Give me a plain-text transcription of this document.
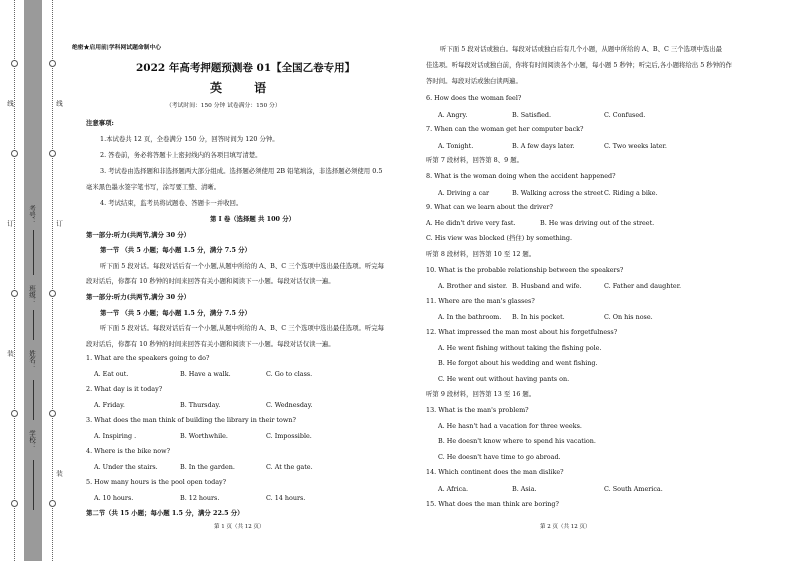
线
订
装
线
订
装
学校：
姓名：
班级：
考号：
绝密★启用前|学科网试题命制中心
2022 年高考押题预测卷 01【全国乙卷专用】
英 语
（考试时间：150 分钟 试卷满分：150 分）
注意事项:
1.本试卷共 12 页，全卷满分 150 分，回答时间为 120 分钟。
2. 答卷前，务必将答题卡上密封线内的各项目填写清楚。
3. 考试卷由选择题和非选择题两大部分组成。选择题必须使用 2B 铅笔填涂，非选择题必须使用 0.5
毫米黑色墨水签字笔书写，涂写要工整、清晰。
4. 考试结束，监考员将试题卷、答题卡一并收回。
第 I 卷（选择题 共 100 分）
第一部分:听力(共两节,满分 30 分）
第一节 （共 5 小题；每小题 1.5 分，满分 7.5 分）
听下面 5 段对话。每段对话后有一个小题,从题中所给的 A、B、C 三个选项中选出最佳选项。听完每
段对话后，你都有 10 秒钟的时间来回答有关小题和阅读下一小题。每段对话仅读一遍。
第一部分:听力(共两节,满分 30 分）
第一节 （共 5 小题；每小题 1.5 分，满分 7.5 分）
听下面 5 段对话。每段对话后有一个小题,从题中所给的 A、B、C 三个选项中选出最佳选项。听完每
段对话后，你都有 10 秒钟的时间来回答有关小题和阅读下一小题。每段对话仅读一遍。
1. What are the speakers going to do?
A. Eat out.	B. Have a walk.	C. Go to class.
2. What day is it today?
A. Friday.	B. Thursday.	C. Wednesday.
3. What does the man think of building the library in their town?
A. Inspiring .	B. Worthwhile.	C. Impossible.
4. Where is the bike now?
A. Under the stairs.	B. In the garden.	C. At the gate.
5. How many hours is the pool open today?
A. 10 hours.	B. 12 hours.	C. 14 hours.
第二节（共 15 小题；每小题 1.5 分，满分 22.5 分）
第 1 页（共 12 页）
听下面 5 段对话或独白。每段对话或独白后有几个小题，从题中所给的 A、B、C 三个选项中选出最
佳选项。听每段对话或独白前，你将有时间阅读各个小题，每小题 5 秒钟；听完后,各小题将给出 5 秒钟的作
答时间。每段对话或独白读两遍。
6. How does the woman feel?
A. Angry.	B. Satisfied.	C. Confused.
7. When can the woman get her computer back?
A. Tonight.	B. A few days later.	C. Two weeks later.
听第 7 段材料，回答第 8、9 题。
8. What is the woman doing when the accident happened?
A. Driving a car	B. Walking across the street C. Riding a bike.
9. What can we learn about the driver?
A. He didn't drive very fast.	B. He was driving out of the street.
C. His view was blocked (挡住) by something.
听第 8 段材料，回答第 10 至 12 题。
10. What is the probable relationship between the speakers?
A. Brother and sister. B. Husband and wife.	C. Father and daughter.
11. Where are the man's glasses?
A. In the bathroom. B. In his pocket.	C. On his nose.
12. What impressed the man most about his forgetfulness?
A. He went fishing without taking the fishing pole.
B. He forgot about his wedding and went fishing.
C. He went out without having pants on.
听第 9 段材料，回答第 13 至 16 题。
13. What is the man's problem?
A. He hasn't had a vacation for three weeks.
B. He doesn't know where to spend his vacation.
C. He doesn't have time to go abroad.
14. Which continent does the man dislike?
A. Africa.	B. Asia.	C. South America.
15. What does the man think are boring?
第 2 页（共 12 页）
